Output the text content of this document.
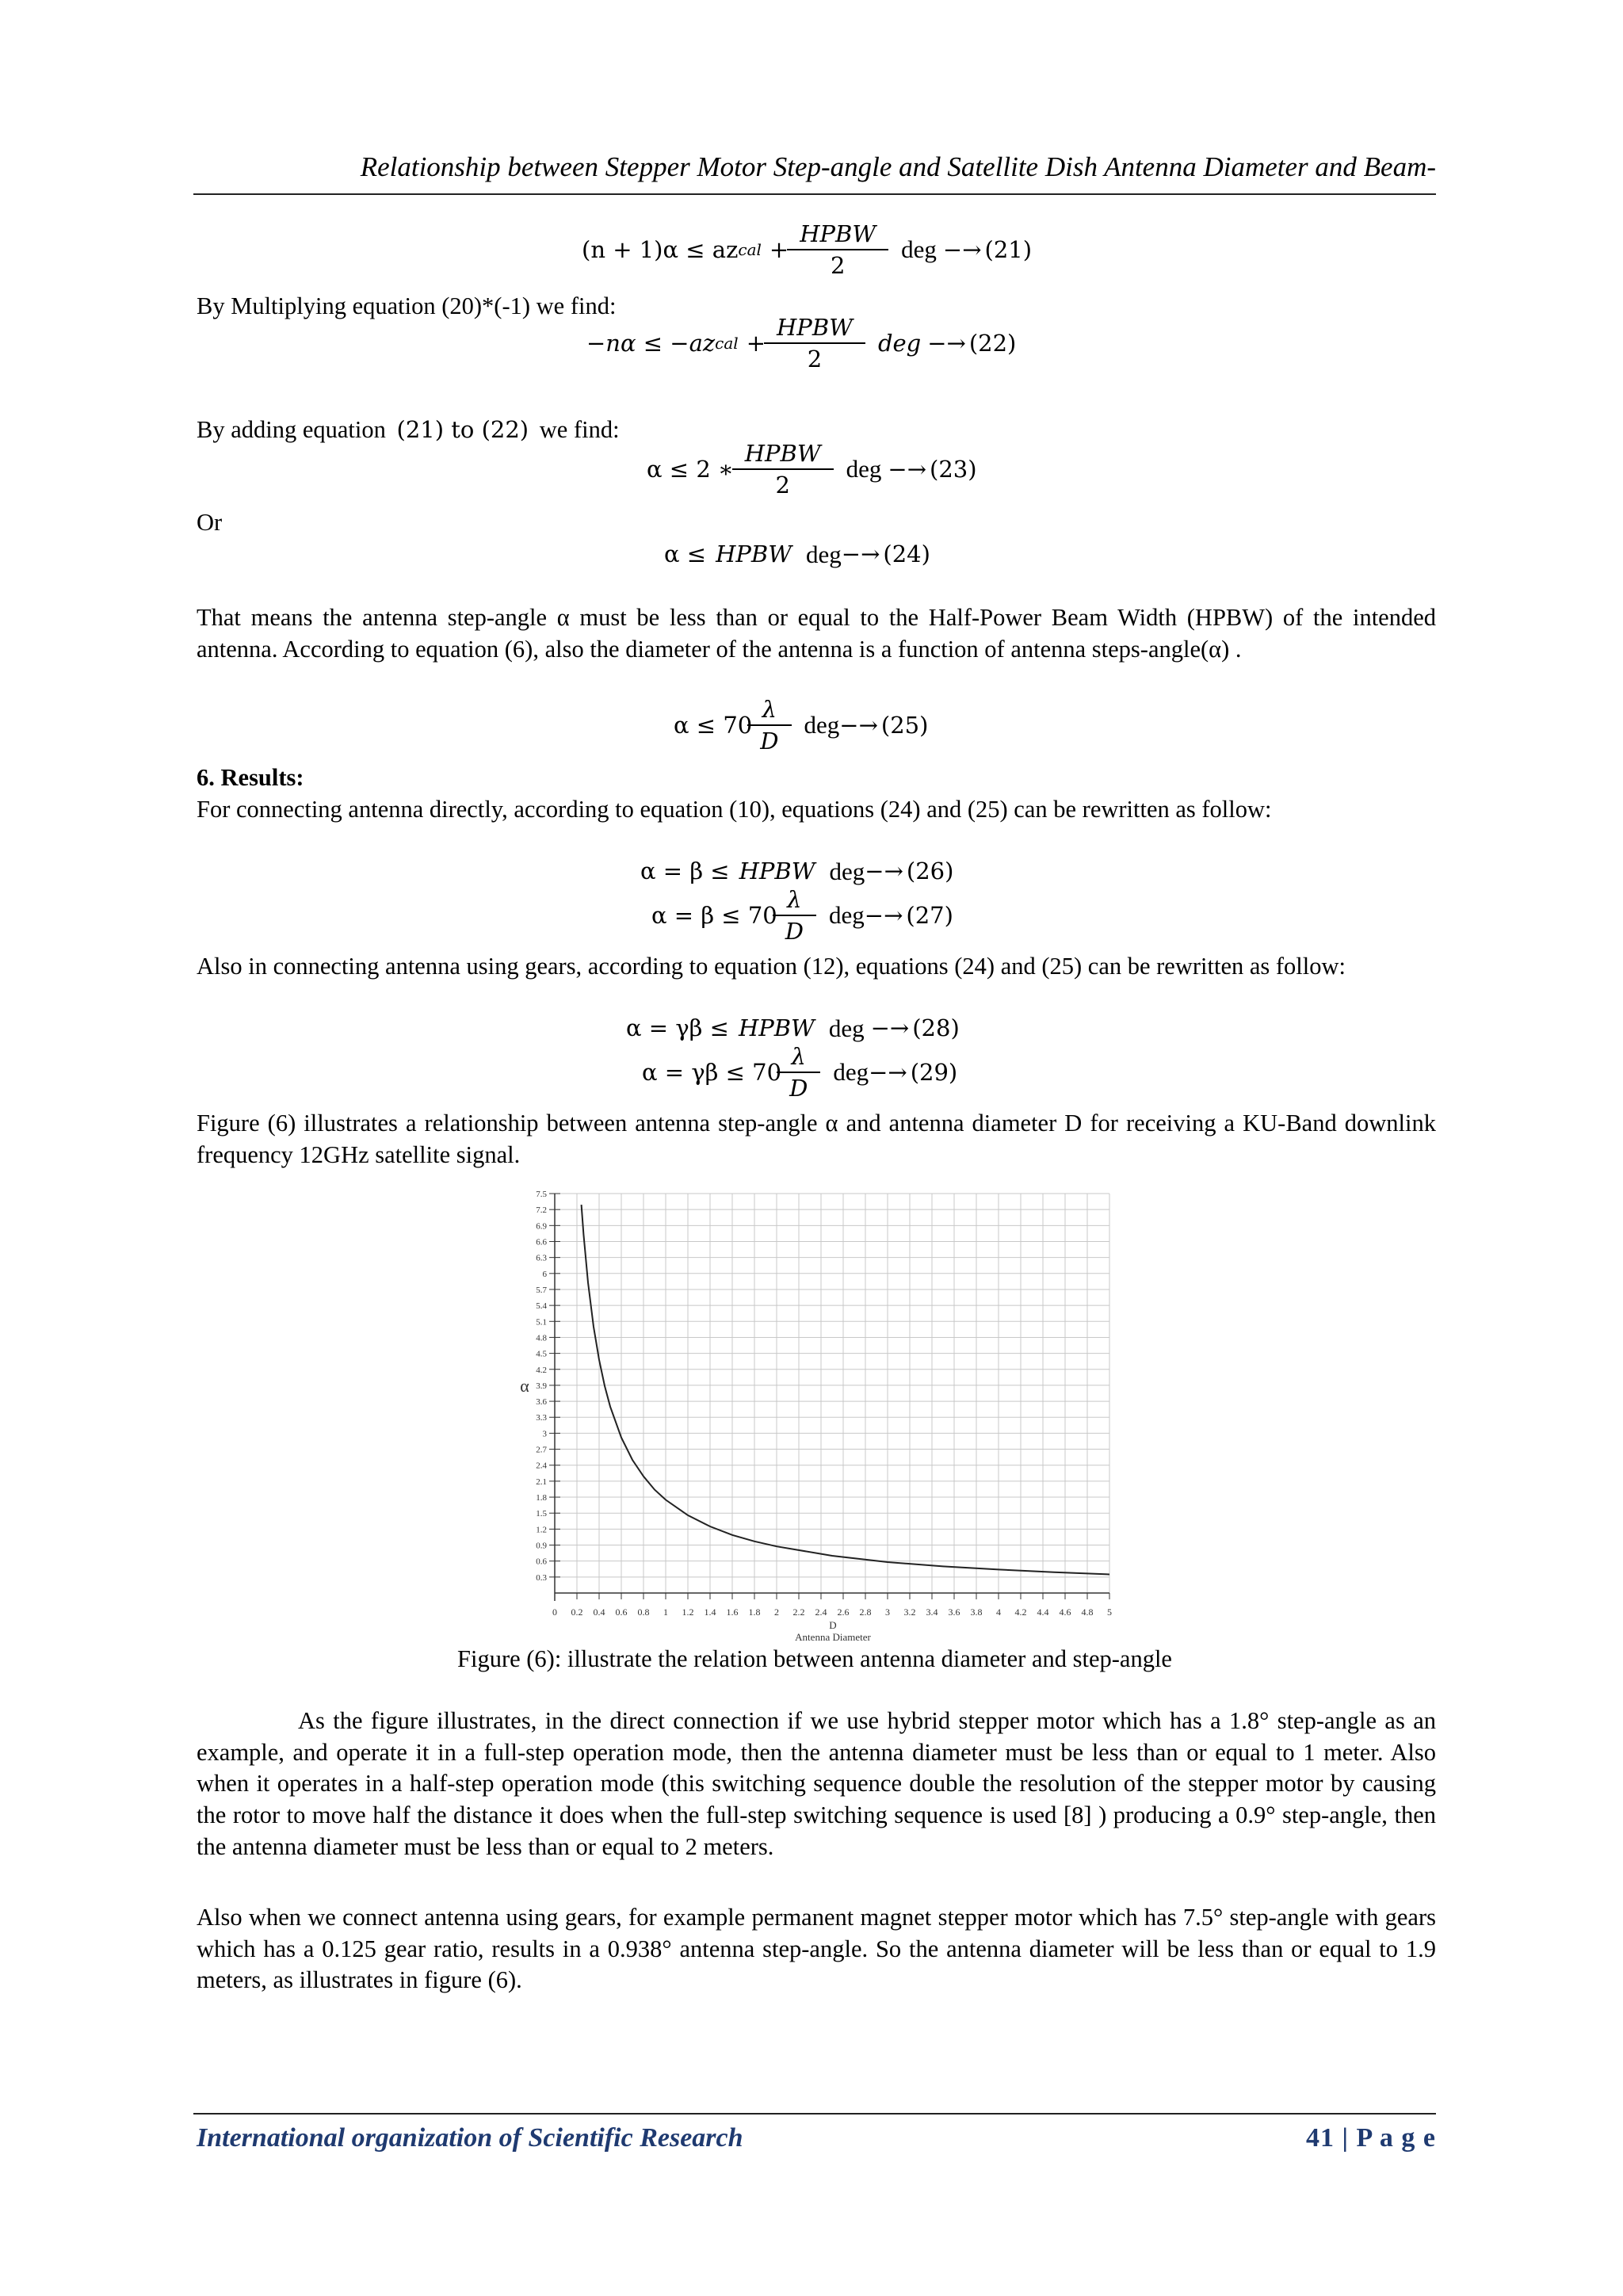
Relationship between Stepper Motor Step-angle and Satellite Dish Antenna Diameter and Beam-
(n + 1)α ≤ az cal + $\frac{\text{HPBW}}{2}$ deg −→ (21)
By Multiplying equation (20)*(-1) we find:
−nα ≤ −az cal + $\frac{\text{HPBW}}{2}$ deg −→ (22)
By adding equation (21) to (22) we find:
α ≤ 2 ∗ $\frac{\text{HPBW}}{2}$ deg −→ (23)
Or
α ≤ HPBW deg −→ (24)
That means the antenna step-angle α must be less than or equal to the Half-Power Beam Width (HPBW) of the intended antenna. According to equation (6), also the diameter of the antenna is a function of antenna steps-angle(α) .
$\alpha \le 70 \frac{\lambda}{D}$ deg −→ (25)
6. Results:
For connecting antenna directly, according to equation (10), equations (24) and (25) can be rewritten as follow:
α = β ≤ HPBW deg −→ (26)
$\alpha = \beta \le 70 \frac{\lambda}{D}$ deg −→ (27)
Also in connecting antenna using gears, according to equation (12), equations (24) and (25) can be rewritten as follow:
α = γβ ≤ HPBW deg −→ (28)
$\alpha = \gamma\beta \le 70 \frac{\lambda}{D}$ deg −→ (29)
Figure (6) illustrates a relationship between antenna step-angle α and antenna diameter D for receiving a KU-Band downlink frequency 12GHz satellite signal.
0 0.2 0.4 0.6 0.8 1 1.2 1.4 1.6 1.8 2 2.2 2.4 2.6 2.8 3 3.2 3.4 3.6 3.8 4 4.2 4.4 4.6 4.8 5
0.3
0.6
0.9
1.2
1.5
1.8
2.1
2.4
2.7
3
3.3
3.6
3.9
4.2
4.5
4.8
5.1
5.4
5.7
6
6.3
6.6
6.9
7.2
7.5
α
D
Antenna Diameter
Figure (6): illustrate the relation between antenna diameter and step-angle
As the figure illustrates, in the direct connection if we use hybrid stepper motor which has a 1.8° step-angle as an example, and operate it in a full-step operation mode, then the antenna diameter must be less than or equal to 1 meter. Also when it operates in a half-step operation mode (this switching sequence double the resolution of the stepper motor by causing the rotor to move half the distance it does when the full-step switching sequence is used [8] ) producing a 0.9° step-angle, then the antenna diameter must be less than or equal to 2 meters.
Also when we connect antenna using gears, for example permanent magnet stepper motor which has 7.5° step-angle with gears which has a 0.125 gear ratio, results in a 0.938° antenna step-angle. So the antenna diameter will be less than or equal to 1.9 meters, as illustrates in figure (6).
International organization of Scientific Research	41 | P a g e
